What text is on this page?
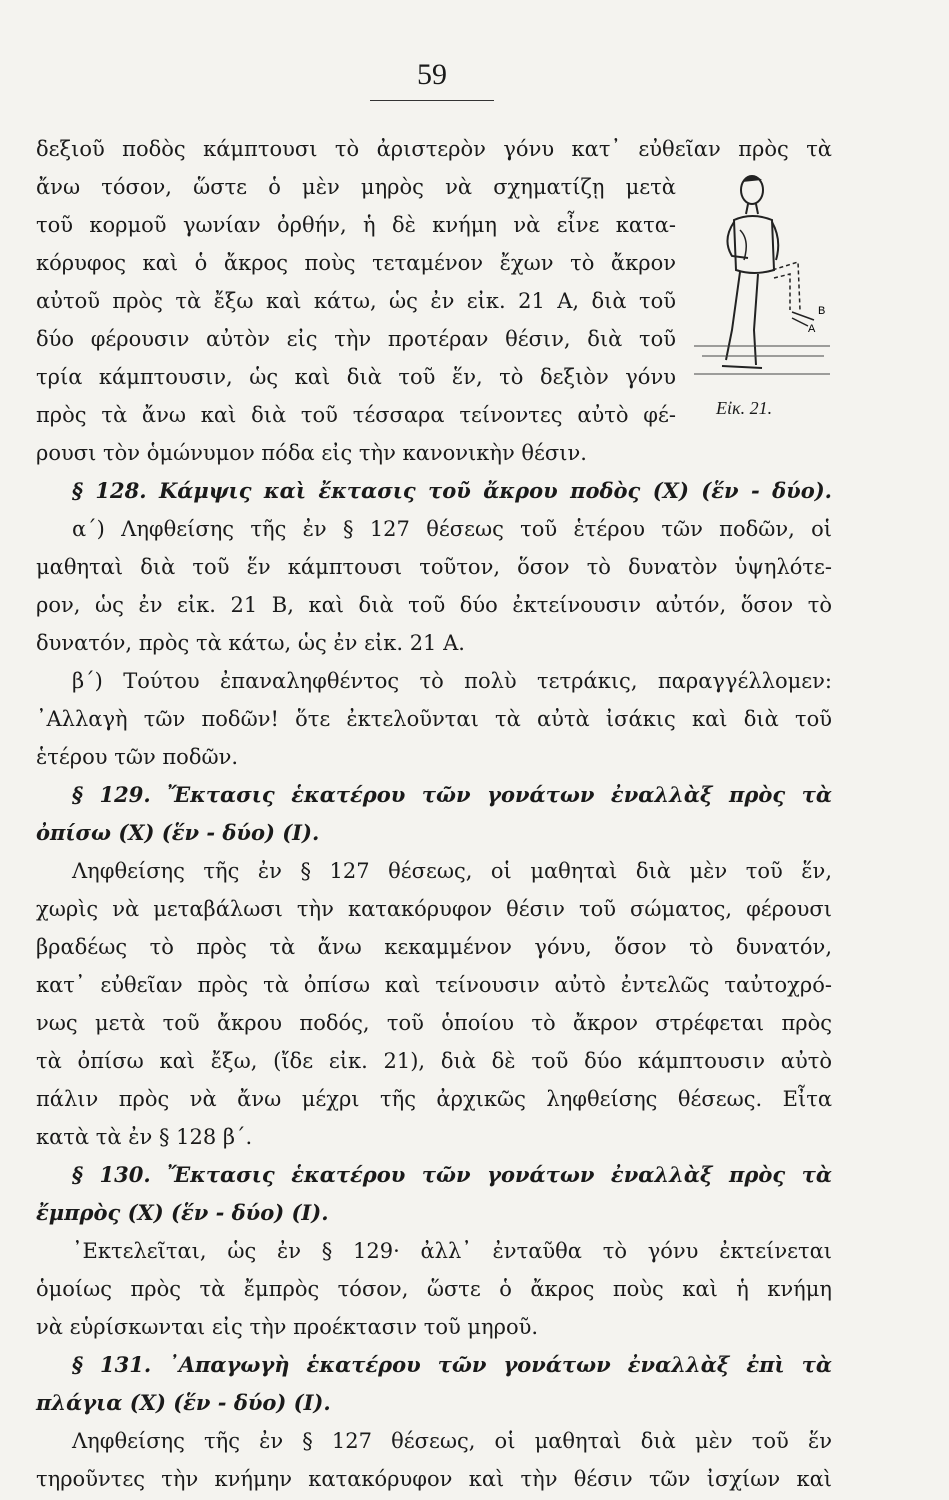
59
B
A
Εἰκ. 21.
δεξιοῦ ποδὸς κάμπτουσι τὸ ἀριστερὸν γόνυ κατ᾽ εὐθεῖαν πρὸς τὰ
ἄνω τόσον, ὥστε ὁ μὲν μηρὸς νὰ σχηματίζῃ μετὰ
τοῦ κορμοῦ γωνίαν ὀρθήν, ἡ δὲ κνήμη νὰ εἶνε κατα-
κόρυφος καὶ ὁ ἄκρος ποὺς τεταμένον ἔχων τὸ ἄκρον
αὐτοῦ πρὸς τὰ ἔξω καὶ κάτω, ὡς ἐν εἰκ. 21 Α, διὰ τοῦ
δύο φέρουσιν αὐτὸν εἰς τὴν προτέραν θέσιν, διὰ τοῦ
τρία κάμπτουσιν, ὡς καὶ διὰ τοῦ ἕν, τὸ δεξιὸν γόνυ
πρὸς τὰ ἄνω καὶ διὰ τοῦ τέσσαρα τείνοντες αὐτὸ φέ-
ρουσι τὸν ὁμώνυμον πόδα εἰς τὴν κανονικὴν θέσιν.
§ 128. Κάμψις καὶ ἔκτασις τοῦ ἄκρου ποδὸς (Χ) (ἕν - δύο).
α΄) Ληφθείσης τῆς ἐν § 127 θέσεως τοῦ ἑτέρου τῶν ποδῶν, οἱ
μαθηταὶ διὰ τοῦ ἕν κάμπτουσι τοῦτον, ὅσον τὸ δυνατὸν ὑψηλότε-
ρον, ὡς ἐν εἰκ. 21 Β, καὶ διὰ τοῦ δύο ἐκτείνουσιν αὐτόν, ὅσον τὸ
δυνατόν, πρὸς τὰ κάτω, ὡς ἐν εἰκ. 21 Α.
β΄) Τούτου ἐπαναληφθέντος τὸ πολὺ τετράκις, παραγγέλλομεν:
᾿Αλλαγὴ τῶν ποδῶν! ὅτε ἐκτελοῦνται τὰ αὐτὰ ἰσάκις καὶ διὰ τοῦ
ἑτέρου τῶν ποδῶν.
§ 129. Ἔκτασις ἑκατέρου τῶν γονάτων ἐναλλὰξ πρὸς τὰ
ὀπίσω (Χ) (ἕν - δύο) (Ι).
Ληφθείσης τῆς ἐν § 127 θέσεως, οἱ μαθηταὶ διὰ μὲν τοῦ ἕν,
χωρὶς νὰ μεταβάλωσι τὴν κατακόρυφον θέσιν τοῦ σώματος, φέρουσι
βραδέως τὸ πρὸς τὰ ἄνω κεκαμμένον γόνυ, ὅσον τὸ δυνατόν,
κατ᾽ εὐθεῖαν πρὸς τὰ ὀπίσω καὶ τείνουσιν αὐτὸ ἐντελῶς ταὐτοχρό-
νως μετὰ τοῦ ἄκρου ποδός, τοῦ ὁποίου τὸ ἄκρον στρέφεται πρὸς
τὰ ὀπίσω καὶ ἔξω, (ἴδε εἰκ. 21), διὰ δὲ τοῦ δύο κάμπτουσιν αὐτὸ
πάλιν πρὸς νὰ ἄνω μέχρι τῆς ἀρχικῶς ληφθείσης θέσεως. Εἶτα
κατὰ τὰ ἐν § 128 β΄.
§ 130. Ἔκτασις ἑκατέρου τῶν γονάτων ἐναλλὰξ πρὸς τὰ
ἔμπρὸς (Χ) (ἕν - δύο) (Ι).
᾿Εκτελεῖται, ὡς ἐν § 129· ἀλλ᾽ ἐνταῦθα τὸ γόνυ ἐκτείνεται
ὁμοίως πρὸς τὰ ἔμπρὸς τόσον, ὥστε ὁ ἄκρος ποὺς καὶ ἡ κνήμη
νὰ εὑρίσκωνται εἰς τὴν προέκτασιν τοῦ μηροῦ.
§ 131. ᾿Απαγωγὴ ἑκατέρου τῶν γονάτων ἐναλλὰξ ἐπὶ τὰ
πλάγια (Χ) (ἕν - δύο) (Ι).
Ληφθείσης τῆς ἐν § 127 θέσεως, οἱ μαθηταὶ διὰ μὲν τοῦ ἕν
τηροῦντες τὴν κνήμην κατακόρυφον καὶ τὴν θέσιν τῶν ἰσχίων καὶ
